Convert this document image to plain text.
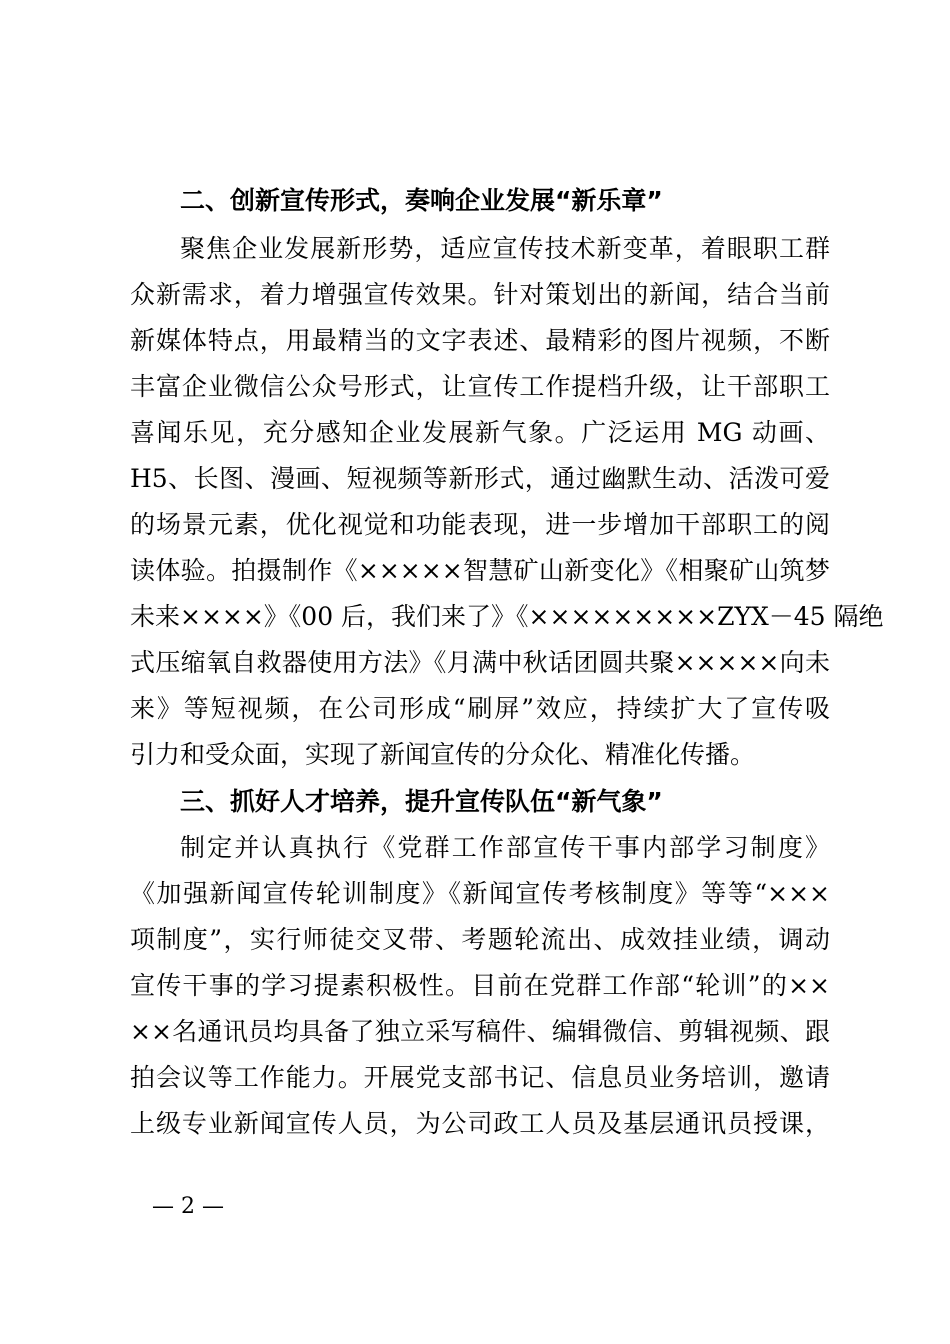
二、创新宣传形式，奏响企业发展“新乐章”
聚焦企业发展新形势，适应宣传技术新变革，着眼职工群
众新需求，着力增强宣传效果。针对策划出的新闻，结合当前
新媒体特点，用最精当的文字表述、最精彩的图片视频，不断
丰富企业微信公众号形式，让宣传工作提档升级，让干部职工
喜闻乐见，充分感知企业发展新气象。广泛运用 MG 动画、
H5、长图、漫画、短视频等新形式，通过幽默生动、活泼可爱
的场景元素，优化视觉和功能表现，进一步增加干部职工的阅
读体验。拍摄制作《×××××智慧矿山新变化》《相聚矿山筑梦
未来××××》《00 后，我们来了》《×××××××××ZYX－45 隔绝
式压缩氧自救器使用方法》《月满中秋话团圆共聚×××××向未
来》等短视频，在公司形成“刷屏”效应，持续扩大了宣传吸
引力和受众面，实现了新闻宣传的分众化、精准化传播。
三、抓好人才培养，提升宣传队伍“新气象”
制定并认真执行《党群工作部宣传干事内部学习制度》
《加强新闻宣传轮训制度》《新闻宣传考核制度》等等“×××
项制度”，实行师徒交叉带、考题轮流出、成效挂业绩，调动
宣传干事的学习提素积极性。目前在党群工作部“轮训”的××
××名通讯员均具备了独立采写稿件、编辑微信、剪辑视频、跟
拍会议等工作能力。开展党支部书记、信息员业务培训，邀请
上级专业新闻宣传人员，为公司政工人员及基层通讯员授课，
— 2 —
